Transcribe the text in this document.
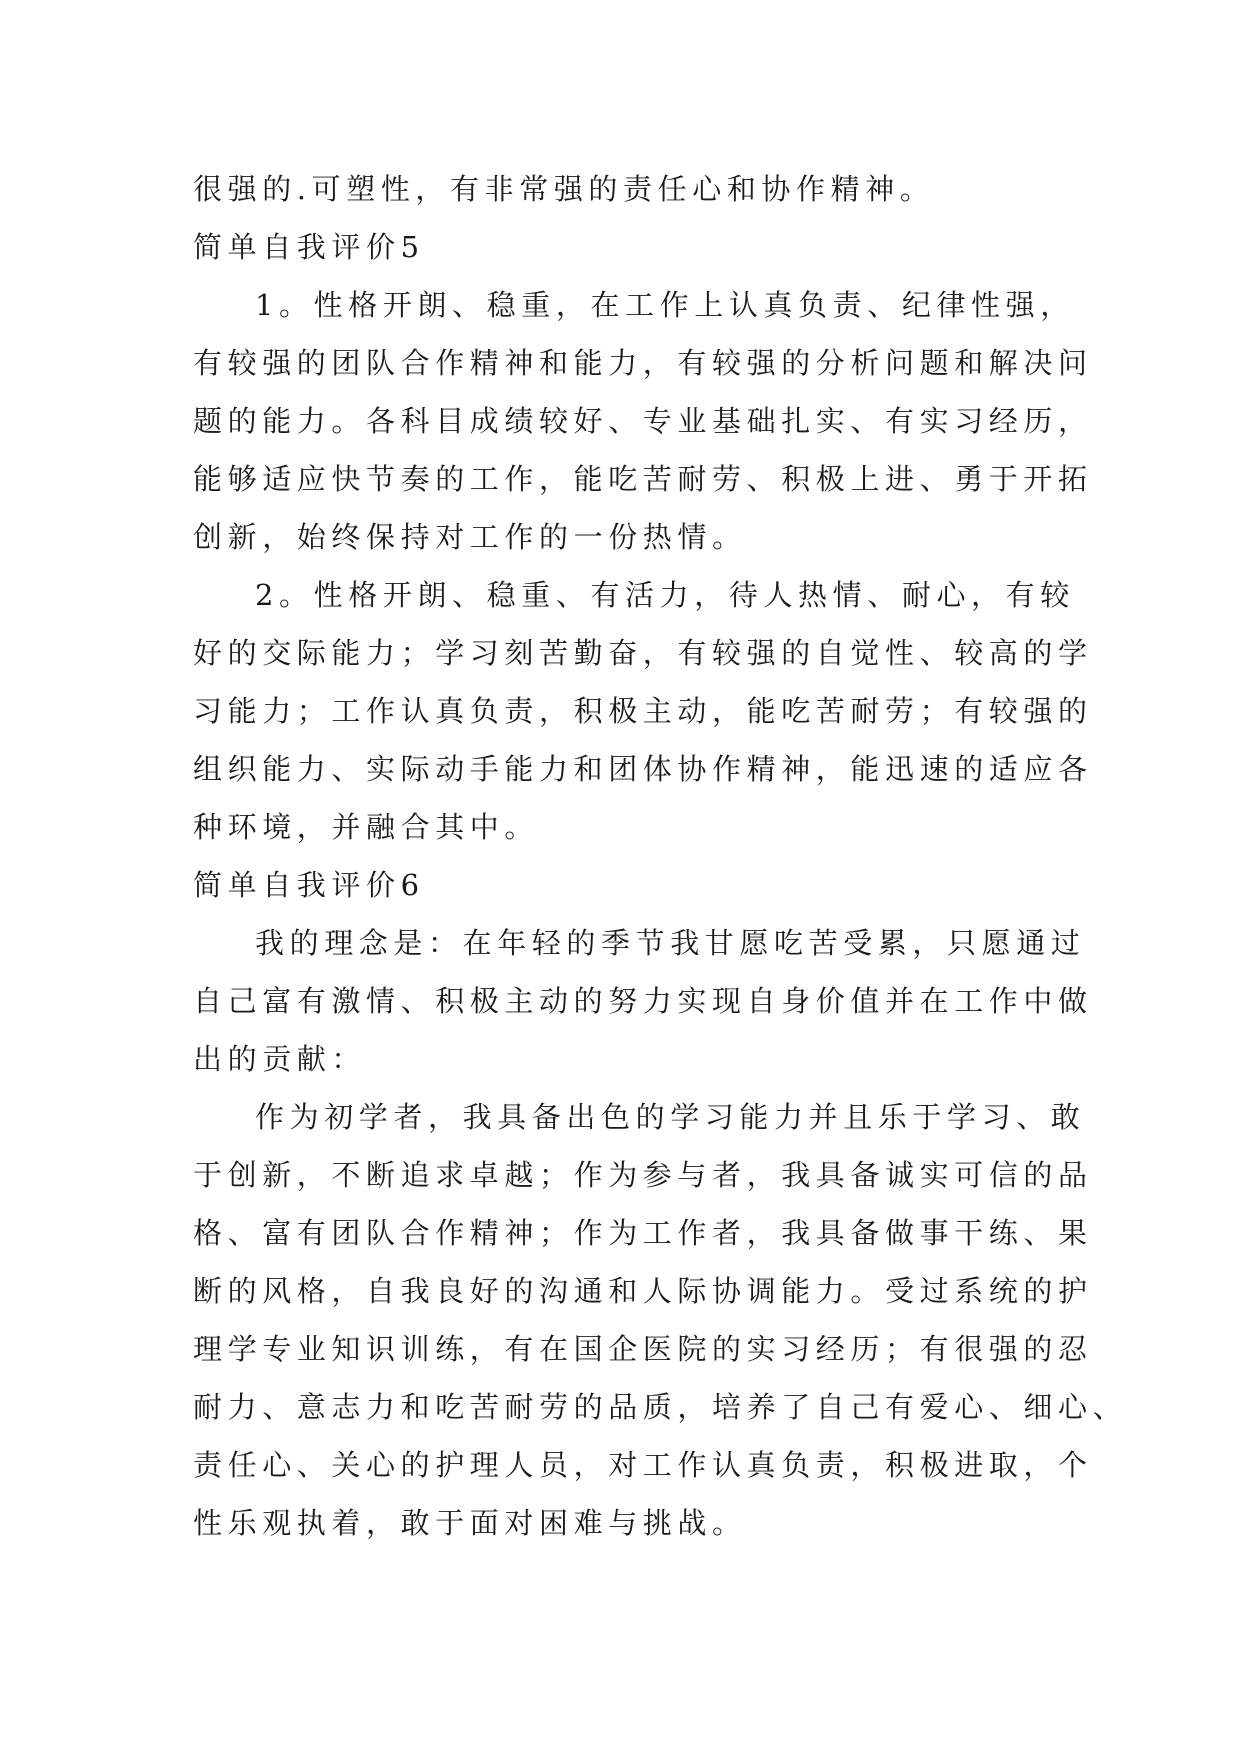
很强的.可塑性，有非常强的责任心和协作精神。

简单自我评价5

1。性格开朗、稳重，在工作上认真负责、纪律性强，

有较强的团队合作精神和能力，有较强的分析问题和解决问

题的能力。各科目成绩较好、专业基础扎实、有实习经历，

能够适应快节奏的工作，能吃苦耐劳、积极上进、勇于开拓

创新，始终保持对工作的一份热情。

2。性格开朗、稳重、有活力，待人热情、耐心，有较

好的交际能力；学习刻苦勤奋，有较强的自觉性、较高的学

习能力；工作认真负责，积极主动，能吃苦耐劳；有较强的

组织能力、实际动手能力和团体协作精神，能迅速的适应各

种环境，并融合其中。

简单自我评价6

我的理念是：在年轻的季节我甘愿吃苦受累，只愿通过

自己富有激情、积极主动的努力实现自身价值并在工作中做

出的贡献：

作为初学者，我具备出色的学习能力并且乐于学习、敢

于创新，不断追求卓越；作为参与者，我具备诚实可信的品

格、富有团队合作精神；作为工作者，我具备做事干练、果

断的风格，自我良好的沟通和人际协调能力。受过系统的护

理学专业知识训练，有在国企医院的实习经历；有很强的忍

耐力、意志力和吃苦耐劳的品质，培养了自己有爱心、细心、

责任心、关心的护理人员，对工作认真负责，积极进取，个

性乐观执着，敢于面对困难与挑战。
